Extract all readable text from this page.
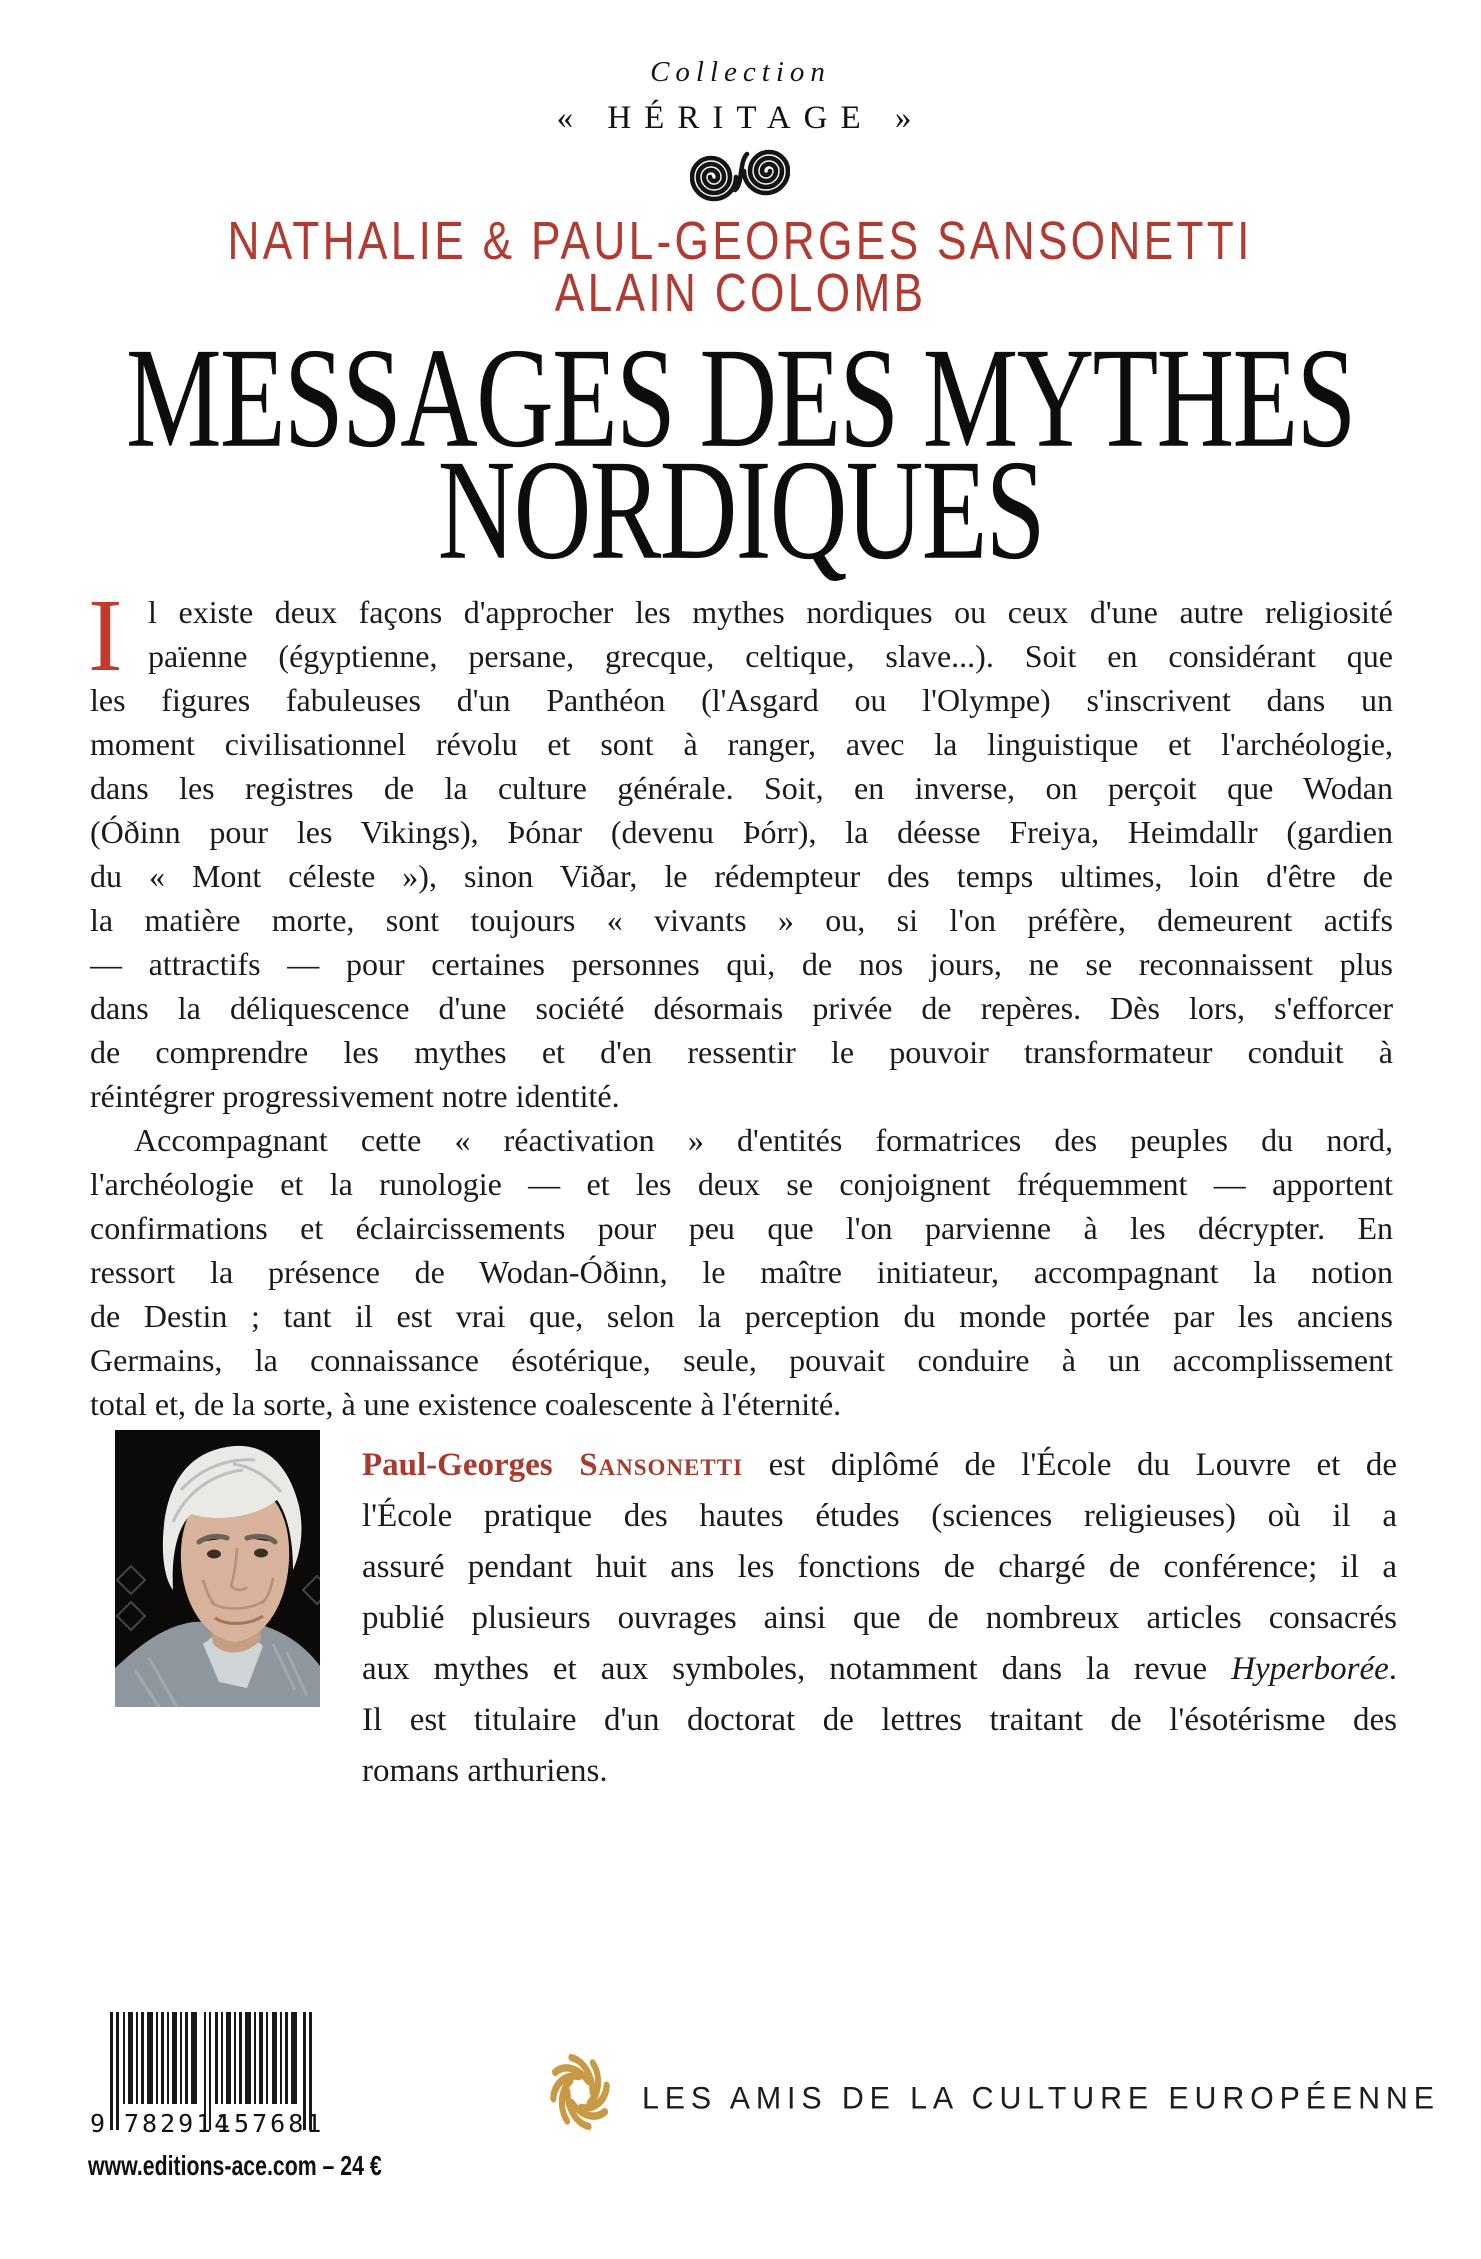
Collection
« HÉRITAGE »
NATHALIE & PAUL-GEORGES SANSONETTI
ALAIN COLOMB
MESSAGES DES MYTHES
NORDIQUES
I l existe deux façons d'approcher les mythes nordiques ou ceux d'une autre religiosité
païenne (égyptienne, persane, grecque, celtique, slave...). Soit en considérant que
les figures fabuleuses d'un Panthéon (l'Asgard ou l'Olympe) s'inscrivent dans un
moment civilisationnel révolu et sont à ranger, avec la linguistique et l'archéologie,
dans les registres de la culture générale. Soit, en inverse, on perçoit que Wodan
(Óðinn pour les Vikings), Þónar (devenu Þórr), la déesse Freiya, Heimdallr (gardien
du « Mont céleste »), sinon Viðar, le rédempteur des temps ultimes, loin d'être de
la matière morte, sont toujours « vivants » ou, si l'on préfère, demeurent actifs
— attractifs — pour certaines personnes qui, de nos jours, ne se reconnaissent plus
dans la déliquescence d'une société désormais privée de repères. Dès lors, s'efforcer
de comprendre les mythes et d'en ressentir le pouvoir transformateur conduit à
réintégrer progressivement notre identité.
Accompagnant cette « réactivation » d'entités formatrices des peuples du nord,
l'archéologie et la runologie — et les deux se conjoignent fréquemment — apportent
confirmations et éclaircissements pour peu que l'on parvienne à les décrypter. En
ressort la présence de Wodan-Óðinn, le maître initiateur, accompagnant la notion
de Destin ; tant il est vrai que, selon la perception du monde portée par les anciens
Germains, la connaissance ésotérique, seule, pouvait conduire à un accomplissement
total et, de la sorte, à une existence coalescente à l'éternité.
Paul-Georges Sansonetti est diplômé de l'École du Louvre et de
l'École pratique des hautes études (sciences religieuses) où il a
assuré pendant huit ans les fonctions de chargé de conférence; il a
publié plusieurs ouvrages ainsi que de nombreux articles consacrés
aux mythes et aux symboles, notamment dans la revue Hyperborée.
Il est titulaire d'un doctorat de lettres traitant de l'ésotérisme des
romans arthuriens.
9 782914
157681
www.editions-ace.com – 24 €
LES AMIS DE LA CULTURE EUROPÉENNE
